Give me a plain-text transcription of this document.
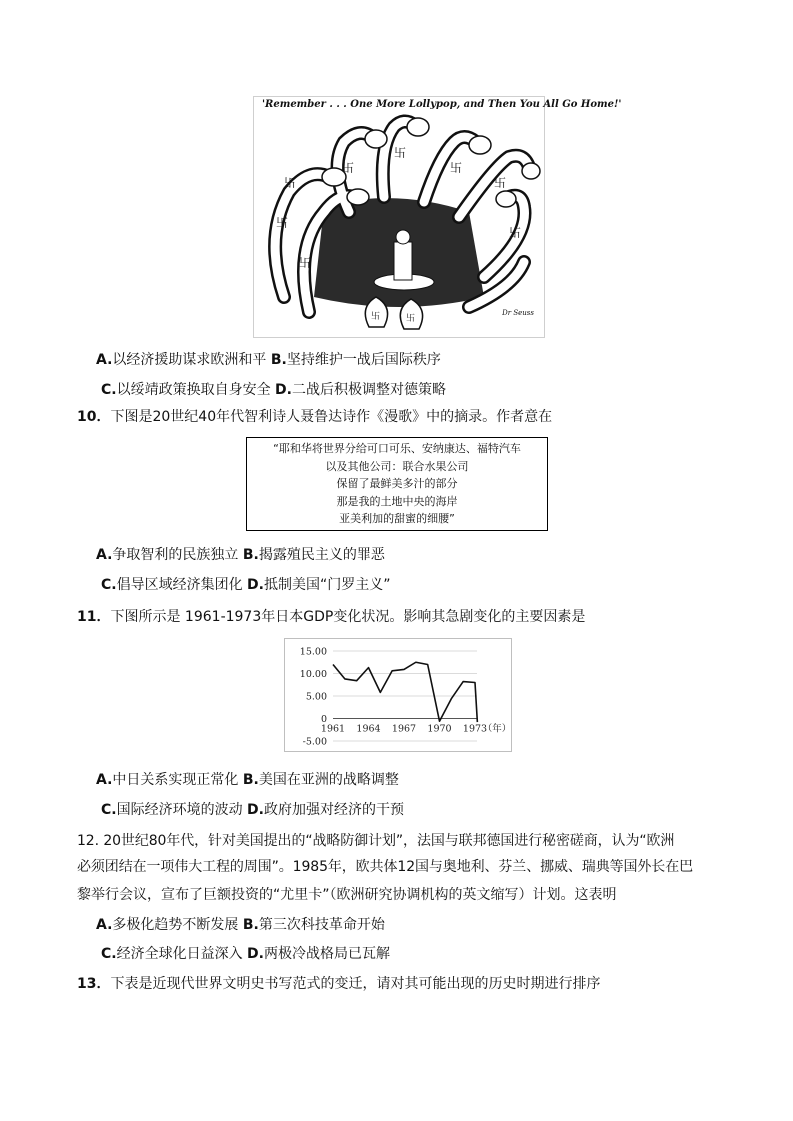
'Remember . . . One More Lollypop, and Then You All Go Home!'
卐
卐
卐
卐
卐
卐
卐
卐
卐	卐
Dr Seuss
A.以经济援助谋求欧洲和平 B.坚持维护一战后国际秩序
C.以绥靖政策换取自身安全 D.二战后积极调整对德策略
10．下图是20世纪40年代智利诗人聂鲁达诗作《漫歌》中的摘录。作者意在
“耶和华将世界分给可口可乐、安纳康达、福特汽车
以及其他公司：联合水果公司
保留了最鲜美多汁的部分
那是我的土地中央的海岸
亚美利加的甜蜜的细腰”
A.争取智利的民族独立 B.揭露殖民主义的罪恶
C.倡导区域经济集团化 D.抵制美国“门罗主义”
11．下图所示是 1961-1973年日本GDP变化状况。影响其急剧变化的主要因素是
15.00
10.00
5.00
0
-5.00
1961 1964 1967 1970 1973
（年）
A.中日关系实现正常化 B.美国在亚洲的战略调整
C.国际经济环境的波动 D.政府加强对经济的干预
12. 20世纪80年代，针对美国提出的“战略防御计划”，法国与联邦德国进行秘密磋商，认为“欧洲
必须团结在一项伟大工程的周围”。1985年，欧共体12国与奥地利、芬兰、挪威、瑞典等国外长在巴
黎举行会议，宣布了巨额投资的“尤里卡”（欧洲研究协调机构的英文缩写）计划。这表明
A.多极化趋势不断发展 B.第三次科技革命开始
C.经济全球化日益深入 D.两极冷战格局已瓦解
13．下表是近现代世界文明史书写范式的变迁，请对其可能出现的历史时期进行排序
